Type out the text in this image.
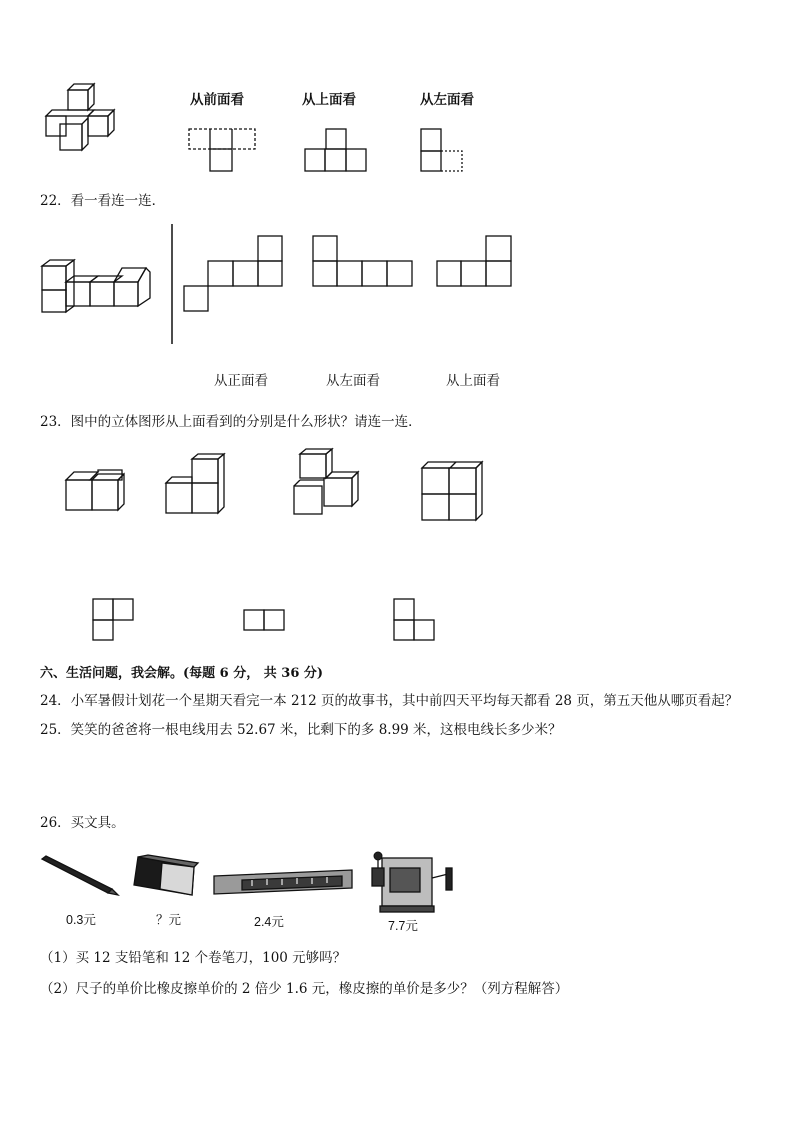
从前面看	从上面看	从左面看
22．看一看连一连．
从正面看	从左面看	从上面看
23．图中的立体图形从上面看到的分别是什么形状？请连一连．
六、生活问题，我会解。(每题 6 分， 共 36 分)
24．小军暑假计划花一个星期天看完一本 212 页的故事书，其中前四天平均每天都看 28 页，第五天他从哪页看起？
25．笑笑的爸爸将一根电线用去 52.67 米，比剩下的多 8.99 米，这根电线长多少米？
26．买文具。
0.3元	？元	2.4元	7.7元
（1）买 12 支铅笔和 12 个卷笔刀，100 元够吗？
（2）尺子的单价比橡皮擦单价的 2 倍少 1.6 元，橡皮擦的单价是多少？（列方程解答）
